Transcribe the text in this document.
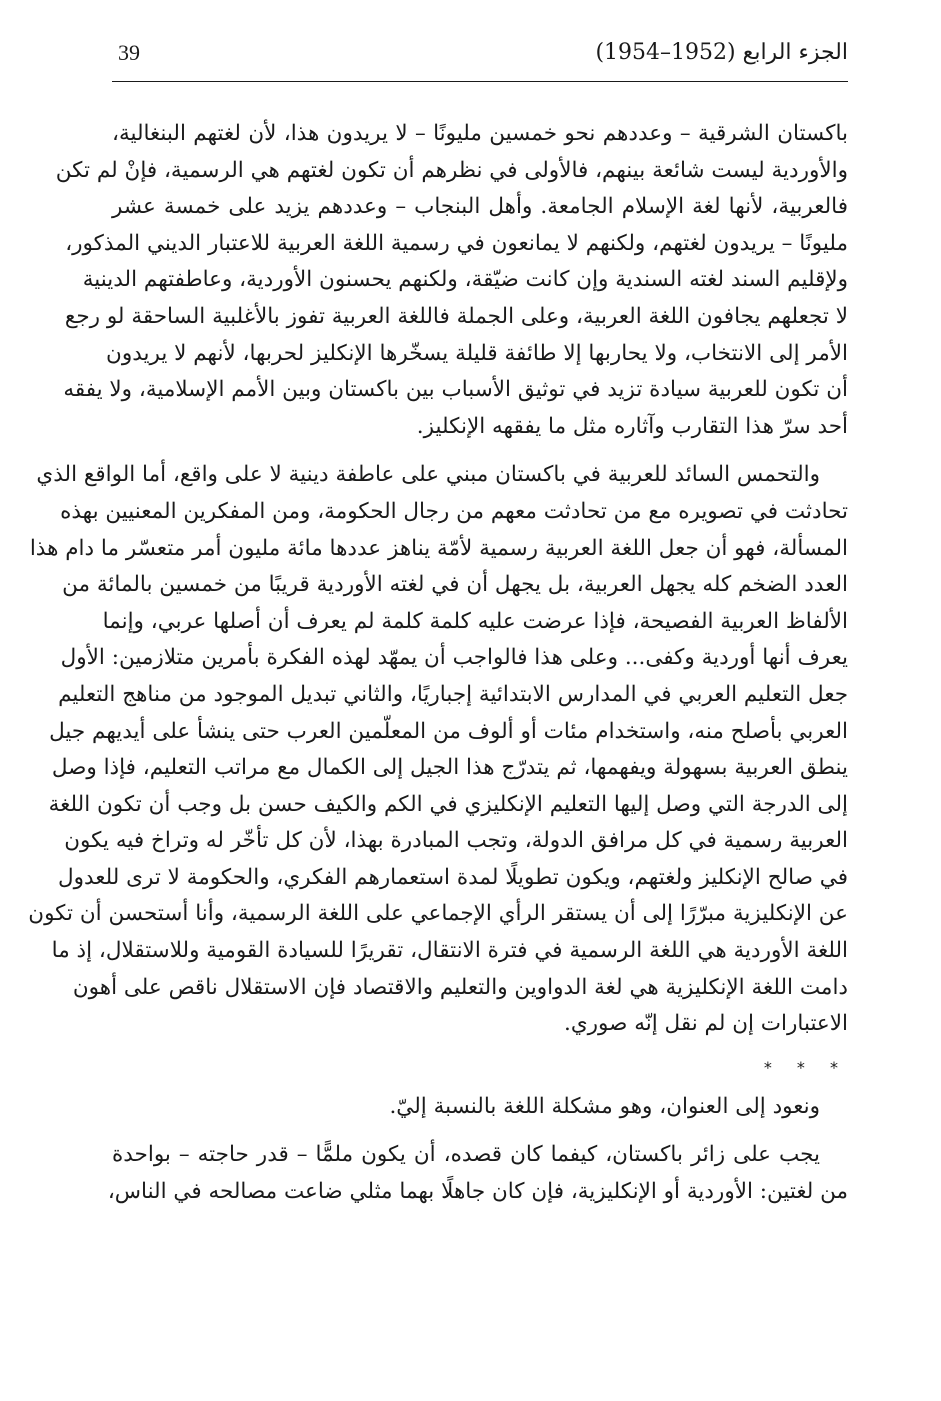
39	الجزء الرابع (1952–1954)
باكستان الشرقية – وعددهم نحو خمسين مليونًا – لا يريدون هذا، لأن لغتهم البنغالية،
والأوردية ليست شائعة بينهم، فالأولى في نظرهم أن تكون لغتهم هي الرسمية، فإنْ لم تكن
فالعربية، لأنها لغة الإسلام الجامعة. وأهل البنجاب – وعددهم يزيد على خمسة عشر
مليونًا – يريدون لغتهم، ولكنهم لا يمانعون في رسمية اللغة العربية للاعتبار الديني المذكور،
ولإقليم السند لغته السندية وإن كانت ضيّقة، ولكنهم يحسنون الأوردية، وعاطفتهم الدينية
لا تجعلهم يجافون اللغة العربية، وعلى الجملة فاللغة العربية تفوز بالأغلبية الساحقة لو رجع
الأمر إلى الانتخاب، ولا يحاربها إلا طائفة قليلة يسخّرها الإنكليز لحربها، لأنهم لا يريدون
أن تكون للعربية سيادة تزيد في توثيق الأسباب بين باكستان وبين الأمم الإسلامية، ولا يفقه
أحد سرّ هذا التقارب وآثاره مثل ما يفقهه الإنكليز.
والتحمس السائد للعربية في باكستان مبني على عاطفة دينية لا على واقع، أما الواقع الذي
تحادثت في تصويره مع من تحادثت معهم من رجال الحكومة، ومن المفكرين المعنيين بهذه
المسألة، فهو أن جعل اللغة العربية رسمية لأمّة يناهز عددها مائة مليون أمر متعسّر ما دام هذا
العدد الضخم كله يجهل العربية، بل يجهل أن في لغته الأوردية قريبًا من خمسين بالمائة من
الألفاظ العربية الفصيحة، فإذا عرضت عليه كلمة كلمة لم يعرف أن أصلها عربي، وإنما
يعرف أنها أوردية وكفى... وعلى هذا فالواجب أن يمهّد لهذه الفكرة بأمرين متلازمين: الأول
جعل التعليم العربي في المدارس الابتدائية إجباريًا، والثاني تبديل الموجود من مناهج التعليم
العربي بأصلح منه، واستخدام مئات أو ألوف من المعلّمين العرب حتى ينشأ على أيديهم جيل
ينطق العربية بسهولة ويفهمها، ثم يتدرّج هذا الجيل إلى الكمال مع مراتب التعليم، فإذا وصل
إلى الدرجة التي وصل إليها التعليم الإنكليزي في الكم والكيف حسن بل وجب أن تكون اللغة
العربية رسمية في كل مرافق الدولة، وتجب المبادرة بهذا، لأن كل تأخّر له وتراخ فيه يكون
في صالح الإنكليز ولغتهم، ويكون تطويلًا لمدة استعمارهم الفكري، والحكومة لا ترى للعدول
عن الإنكليزية مبرّرًا إلى أن يستقر الرأي الإجماعي على اللغة الرسمية، وأنا أستحسن أن تكون
اللغة الأوردية هي اللغة الرسمية في فترة الانتقال، تقريرًا للسيادة القومية وللاستقلال، إذ ما
دامت اللغة الإنكليزية هي لغة الدواوين والتعليم والاقتصاد فإن الاستقلال ناقص على أهون
الاعتبارات إن لم نقل إنّه صوري.
* * *
ونعود إلى العنوان، وهو مشكلة اللغة بالنسبة إليّ.
يجب على زائر باكستان، كيفما كان قصده، أن يكون ملمًّا – قدر حاجته – بواحدة
من لغتين: الأوردية أو الإنكليزية، فإن كان جاهلًا بهما مثلي ضاعت مصالحه في الناس،
